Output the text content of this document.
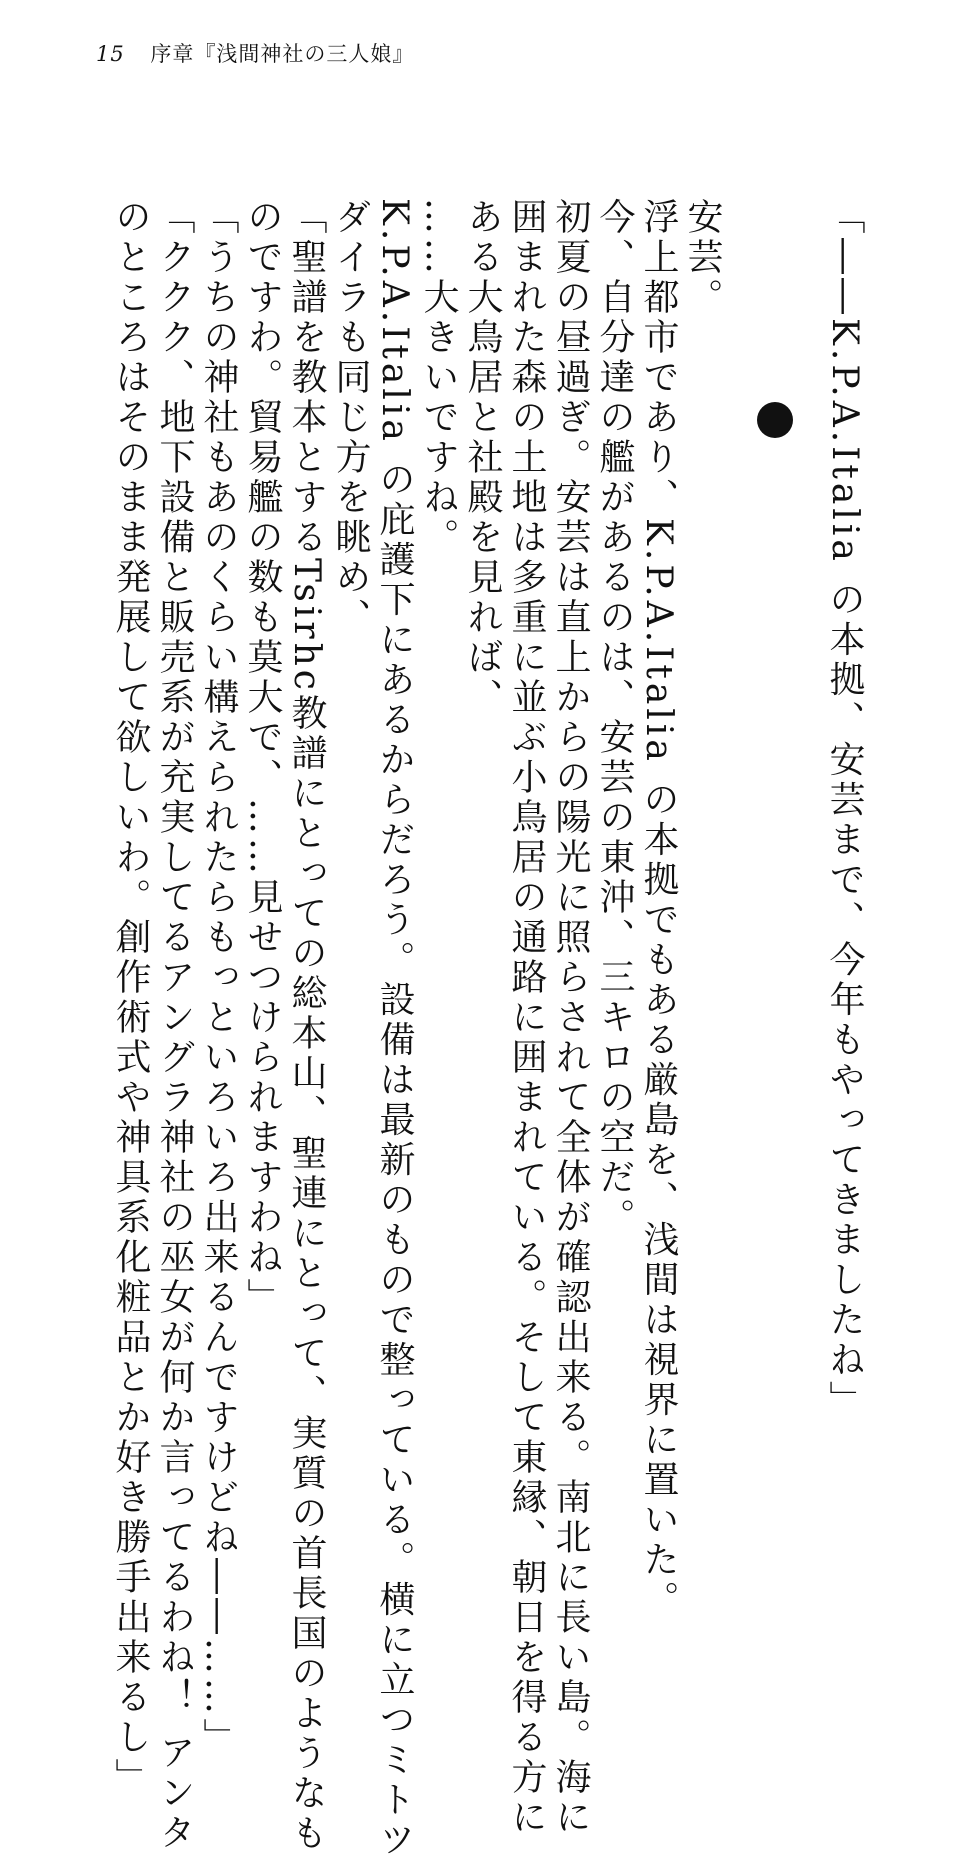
15 序章『浅間神社の三人娘』
「――K.P.A.Italia の本拠、安芸まで、今年もやってきましたね」
安芸。
浮上都市であり、K.P.A.Italia の本拠でもある厳島を、浅間は視界に置いた。
今、自分達の艦があるのは、安芸の東沖、三キロの空だ。
初夏の昼過ぎ。安芸は直上からの陽光に照らされて全体が確認出来る。南北に長い島。海に
囲まれた森の土地は多重に並ぶ小鳥居の通路に囲まれている。そして東縁、朝日を得る方に
ある大鳥居と社殿を見れば、
……大きいですね。
K.P.A.Italia の庇護下にあるからだろう。設備は最新のもので整っている。横に立つミトツ
ダイラも同じ方を眺め、
「聖譜を教本とするTsirhc教譜にとっての総本山、聖連にとって、実質の首長国のようなも
のですわ。貿易艦の数も莫大で、……見せつけられますわね」
「うちの神社もあのくらい構えられたらもっといろいろ出来るんですけどね――……」
「ククク、地下設備と販売系が充実してるアングラ神社の巫女が何か言ってるわね！ アンタ
のところはそのまま発展して欲しいわ。創作術式や神具系化粧品とか好き勝手出来るし」
